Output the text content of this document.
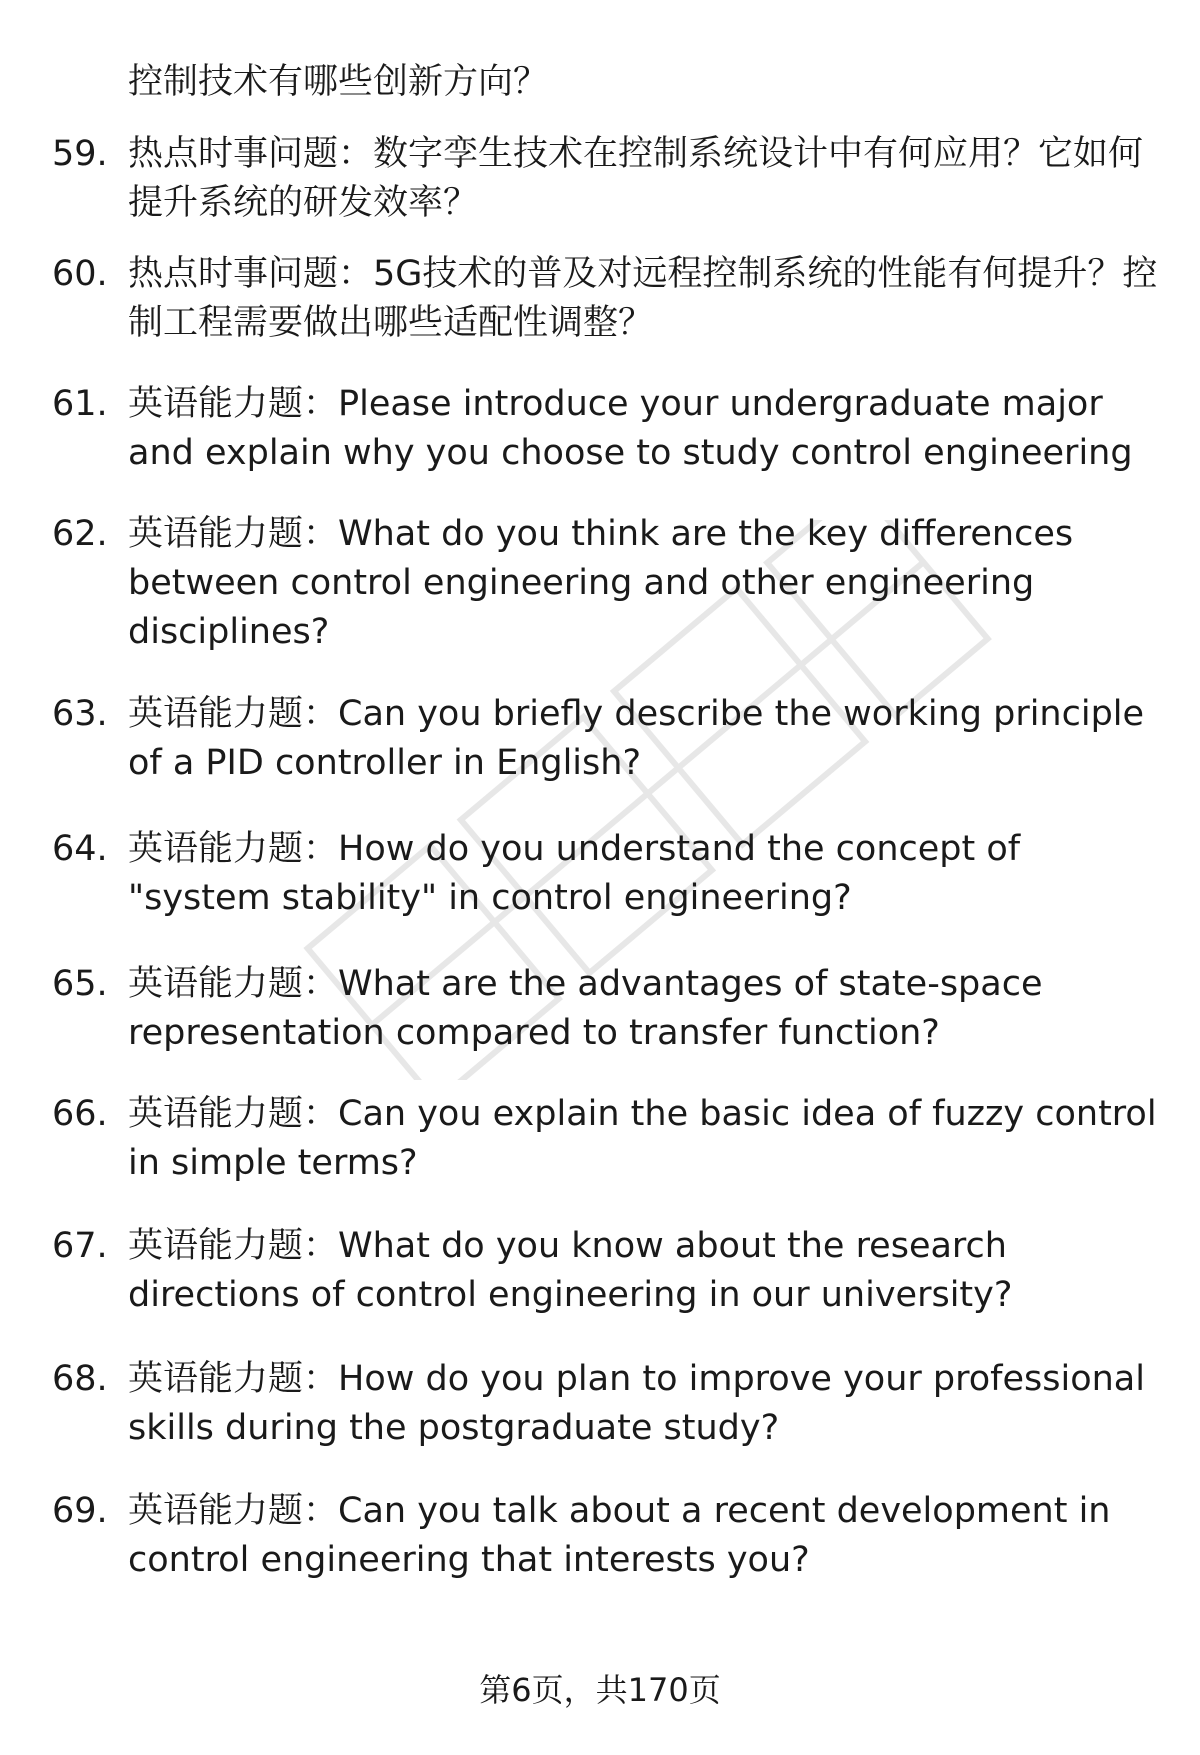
控制技术有哪些创新方向？

59. 热点时事问题：数字孪生技术在控制系统设计中有何应用？它如何提升系统的研发效率？
60. 热点时事问题：5G技术的普及对远程控制系统的性能有何提升？控制工程需要做出哪些适配性调整？
61. 英语能力题：Please introduce your undergraduate major and explain why you choose to study control engineering
62. 英语能力题：What do you think are the key differences between control engineering and other engineering disciplines?
63. 英语能力题：Can you briefly describe the working principle of a PID controller in English?
64. 英语能力题：How do you understand the concept of "system stability" in control engineering?
65. 英语能力题：What are the advantages of state-space representation compared to transfer function?
66. 英语能力题：Can you explain the basic idea of fuzzy control in simple terms?
67. 英语能力题：What do you know about the research directions of control engineering in our university?
68. 英语能力题：How do you plan to improve your professional skills during the postgraduate study?
69. 英语能力题：Can you talk about a recent development in control engineering that interests you?
第6页，共170页
